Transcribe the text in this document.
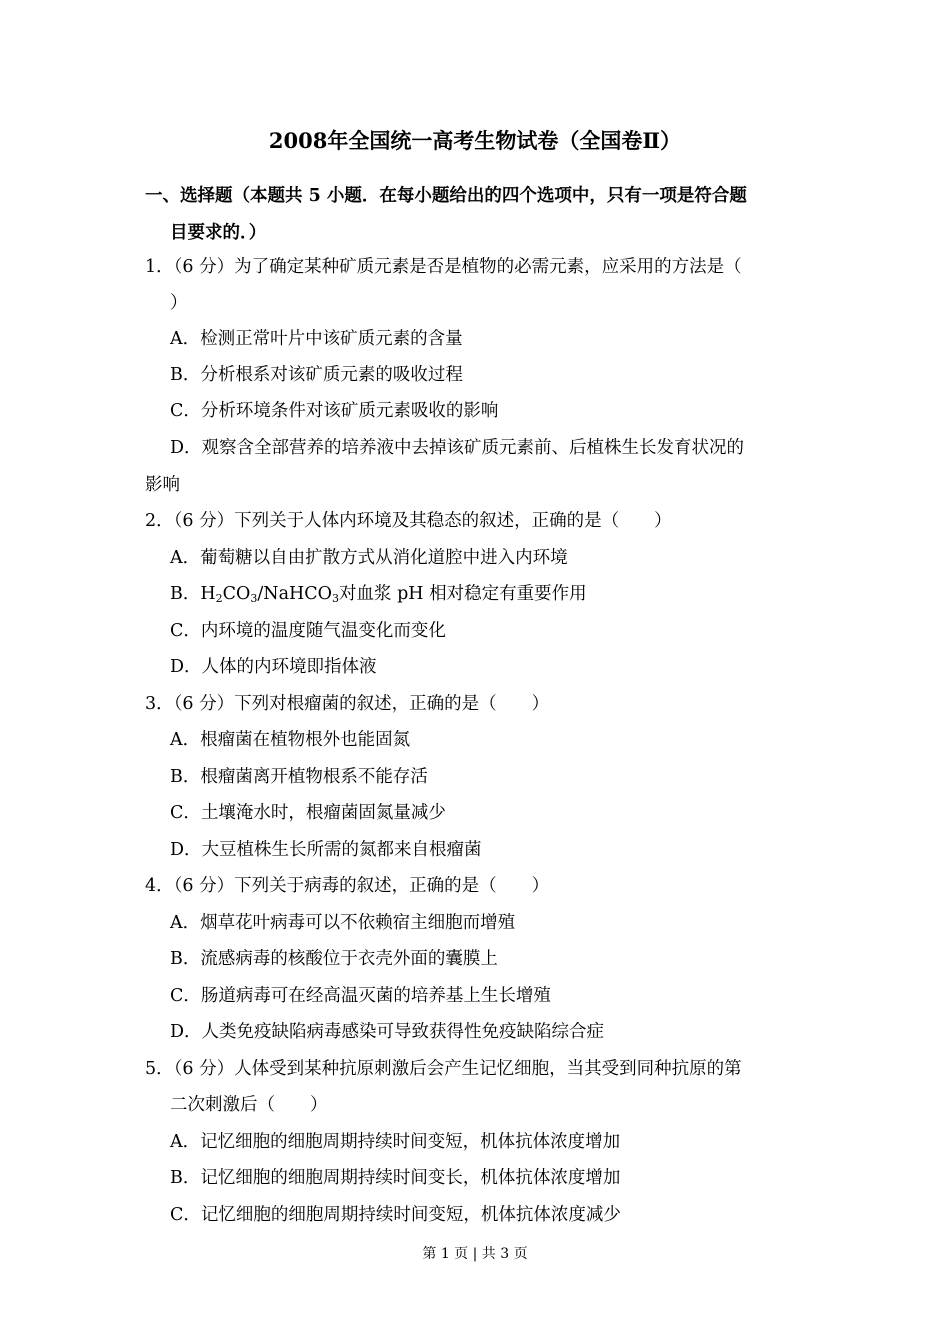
2008年全国统一高考生物试卷（全国卷Ⅱ）
一、选择题（本题共 5 小题．在每小题给出的四个选项中，只有一项是符合题
目要求的．）
1．（6 分）为了确定某种矿质元素是否是植物的必需元素，应采用的方法是（
）
A．检测正常叶片中该矿质元素的含量
B．分析根系对该矿质元素的吸收过程
C．分析环境条件对该矿质元素吸收的影响
D．观察含全部营养的培养液中去掉该矿质元素前、后植株生长发育状况的
影响
2．（6 分）下列关于人体内环境及其稳态的叙述，正确的是（　　）
A．葡萄糖以自由扩散方式从消化道腔中进入内环境
B．$H_2CO_3/NaHCO_3$对血浆 pH 相对稳定有重要作用
C．内环境的温度随气温变化而变化
D．人体的内环境即指体液
3．（6 分）下列对根瘤菌的叙述，正确的是（　　）
A．根瘤菌在植物根外也能固氮
B．根瘤菌离开植物根系不能存活
C．土壤淹水时，根瘤菌固氮量减少
D．大豆植株生长所需的氮都来自根瘤菌
4．（6 分）下列关于病毒的叙述，正确的是（　　）
A．烟草花叶病毒可以不依赖宿主细胞而增殖
B．流感病毒的核酸位于衣壳外面的囊膜上
C．肠道病毒可在经高温灭菌的培养基上生长增殖
D．人类免疫缺陷病毒感染可导致获得性免疫缺陷综合症
5．（6 分）人体受到某种抗原刺激后会产生记忆细胞，当其受到同种抗原的第
二次刺激后（　　）
A．记忆细胞的细胞周期持续时间变短，机体抗体浓度增加
B．记忆细胞的细胞周期持续时间变长，机体抗体浓度增加
C．记忆细胞的细胞周期持续时间变短，机体抗体浓度减少
第 1 页 | 共 3 页
